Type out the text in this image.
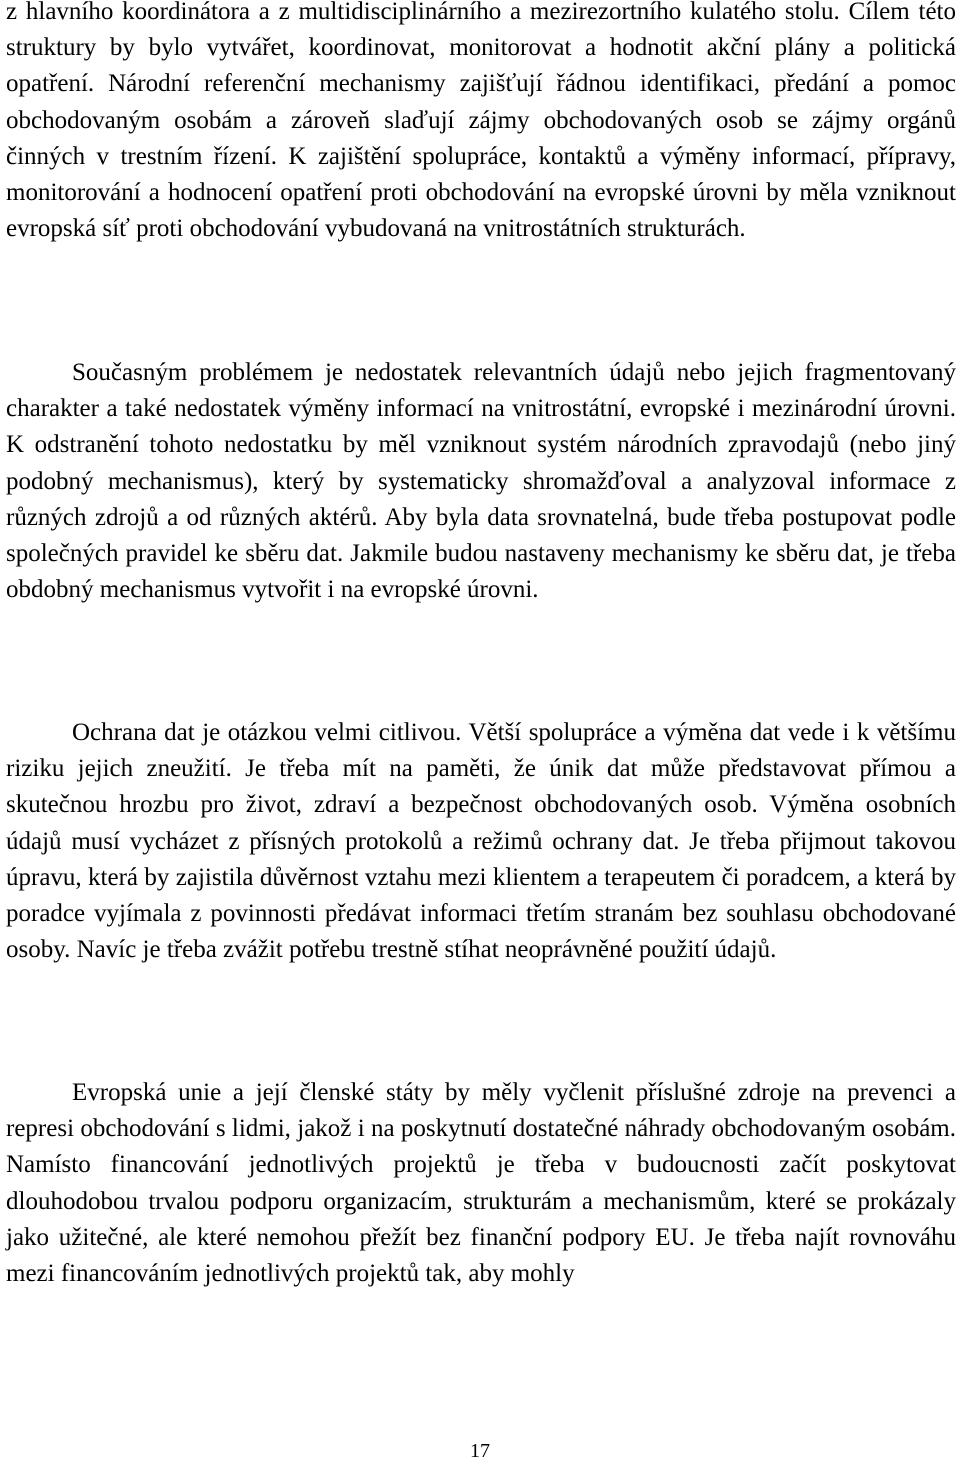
z hlavního koordinátora a z multidisciplinárního a mezirezortního kulatého stolu. Cílem této struktury by bylo vytvářet, koordinovat, monitorovat a hodnotit akční plány a politická opatření. Národní referenční mechanismy zajišťují řádnou identifikaci, předání a pomoc obchodovaným osobám a zároveň slaďují zájmy obchodovaných osob se zájmy orgánů činných v trestním řízení. K zajištění spolupráce, kontaktů a výměny informací, přípravy, monitorování a hodnocení opatření proti obchodování na evropské úrovni by měla vzniknout evropská síť proti obchodování vybudovaná na vnitrostátních strukturách.

Současným problémem je nedostatek relevantních údajů nebo jejich fragmentovaný charakter a také nedostatek výměny informací na vnitrostátní, evropské i mezinárodní úrovni. K odstranění tohoto nedostatku by měl vzniknout systém národních zpravodajů (nebo jiný podobný mechanismus), který by systematicky shromažďoval a analyzoval informace z různých zdrojů a od různých aktérů. Aby byla data srovnatelná, bude třeba postupovat podle společných pravidel ke sběru dat. Jakmile budou nastaveny mechanismy ke sběru dat, je třeba obdobný mechanismus vytvořit i na evropské úrovni.

Ochrana dat je otázkou velmi citlivou. Větší spolupráce a výměna dat vede i k většímu riziku jejich zneužití. Je třeba mít na paměti, že únik dat může představovat přímou a skutečnou hrozbu pro život, zdraví a bezpečnost obchodovaných osob. Výměna osobních údajů musí vycházet z přísných protokolů a režimů ochrany dat. Je třeba přijmout takovou úpravu, která by zajistila důvěrnost vztahu mezi klientem a terapeutem či poradcem, a která by poradce vyjímala z povinnosti předávat informaci třetím stranám bez souhlasu obchodované osoby. Navíc je třeba zvážit potřebu trestně stíhat neoprávněné použití údajů.

Evropská unie a její členské státy by měly vyčlenit příslušné zdroje na prevenci a represi obchodování s lidmi, jakož i na poskytnutí dostatečné náhrady obchodovaným osobám. Namísto financování jednotlivých projektů je třeba v budoucnosti začít poskytovat dlouhodobou trvalou podporu organizacím, strukturám a mechanismům, které se prokázaly jako užitečné, ale které nemohou přežít bez finanční podpory EU. Je třeba najít rovnováhu mezi financováním jednotlivých projektů tak, aby mohly

17
